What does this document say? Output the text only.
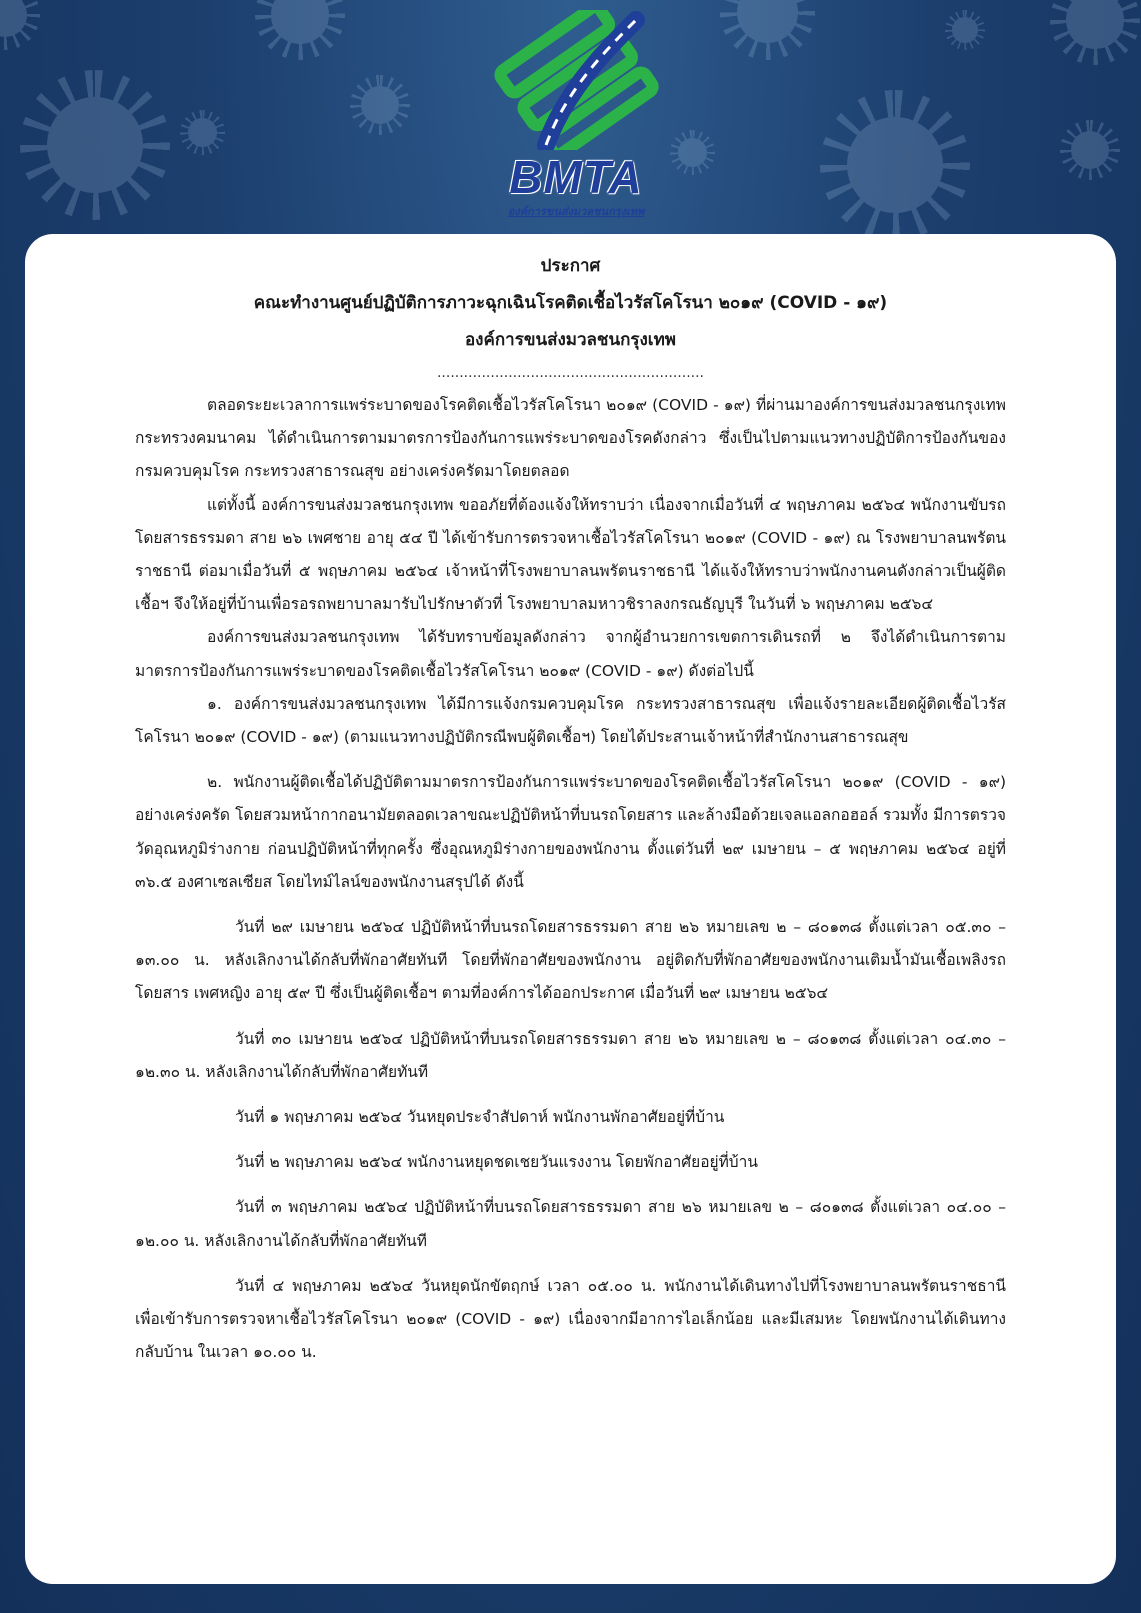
BMTA
องค์การขนส่งมวลชนกรุงเทพ
ประกาศ
คณะทำงานศูนย์ปฏิบัติการภาวะฉุกเฉินโรคติดเชื้อไวรัสโคโรนา ๒๐๑๙ (COVID - ๑๙)
องค์การขนส่งมวลชนกรุงเทพ
............................................................

ตลอดระยะเวลาการแพร่ระบาดของโรคติดเชื้อไวรัสโคโรนา ๒๐๑๙ (COVID - ๑๙) ที่ผ่านมาองค์การขนส่งมวลชนกรุงเทพ กระทรวงคมนาคม ได้ดำเนินการตามมาตรการป้องกันการแพร่ระบาดของโรคดังกล่าว ซึ่งเป็นไปตามแนวทางปฏิบัติการป้องกันของกรมควบคุมโรค กระทรวงสาธารณสุข อย่างเคร่งครัดมาโดยตลอด

แต่ทั้งนี้ องค์การขนส่งมวลชนกรุงเทพ ขออภัยที่ต้องแจ้งให้ทราบว่า เนื่องจากเมื่อวันที่ ๔ พฤษภาคม ๒๕๖๔ พนักงานขับรถโดยสารธรรมดา สาย ๒๖ เพศชาย อายุ ๕๔ ปี ได้เข้ารับการตรวจหาเชื้อไวรัสโคโรนา ๒๐๑๙ (COVID - ๑๙) ณ โรงพยาบาลนพรัตนราชธานี ต่อมาเมื่อวันที่ ๕ พฤษภาคม ๒๕๖๔ เจ้าหน้าที่โรงพยาบาลนพรัตนราชธานี ได้แจ้งให้ทราบว่าพนักงานคนดังกล่าวเป็นผู้ติดเชื้อฯ จึงให้อยู่ที่บ้านเพื่อรอรถพยาบาลมารับไปรักษาตัวที่ โรงพยาบาลมหาวชิราลงกรณธัญบุรี ในวันที่ ๖ พฤษภาคม ๒๕๖๔

องค์การขนส่งมวลชนกรุงเทพ ได้รับทราบข้อมูลดังกล่าว จากผู้อำนวยการเขตการเดินรถที่ ๒ จึงได้ดำเนินการตามมาตรการป้องกันการแพร่ระบาดของโรคติดเชื้อไวรัสโคโรนา ๒๐๑๙ (COVID - ๑๙) ดังต่อไปนี้

๑. องค์การขนส่งมวลชนกรุงเทพ ได้มีการแจ้งกรมควบคุมโรค กระทรวงสาธารณสุข เพื่อแจ้งรายละเอียดผู้ติดเชื้อไวรัสโคโรนา ๒๐๑๙ (COVID - ๑๙) (ตามแนวทางปฏิบัติกรณีพบผู้ติดเชื้อฯ) โดยได้ประสานเจ้าหน้าที่สำนักงานสาธารณสุข

๒. พนักงานผู้ติดเชื้อได้ปฏิบัติตามมาตรการป้องกันการแพร่ระบาดของโรคติดเชื้อไวรัสโคโรนา ๒๐๑๙ (COVID - ๑๙) อย่างเคร่งครัด โดยสวมหน้ากากอนามัยตลอดเวลาขณะปฏิบัติหน้าที่บนรถโดยสาร และล้างมือด้วยเจลแอลกอฮอล์ รวมทั้ง มีการตรวจวัดอุณหภูมิร่างกาย ก่อนปฏิบัติหน้าที่ทุกครั้ง ซึ่งอุณหภูมิร่างกายของพนักงาน ตั้งแต่วันที่ ๒๙ เมษายน – ๕ พฤษภาคม ๒๕๖๔ อยู่ที่ ๓๖.๕ องศาเซลเซียส โดยไทม์ไลน์ของพนักงานสรุปได้ ดังนี้

วันที่ ๒๙ เมษายน ๒๕๖๔ ปฏิบัติหน้าที่บนรถโดยสารธรรมดา สาย ๒๖ หมายเลข ๒ – ๘๐๑๓๘ ตั้งแต่เวลา ๐๕.๓๐ – ๑๓.๐๐ น. หลังเลิกงานได้กลับที่พักอาศัยทันที โดยที่พักอาศัยของพนักงาน อยู่ติดกับที่พักอาศัยของพนักงานเติมน้ำมันเชื้อเพลิงรถโดยสาร เพศหญิง อายุ ๕๙ ปี ซึ่งเป็นผู้ติดเชื้อฯ ตามที่องค์การได้ออกประกาศ เมื่อวันที่ ๒๙ เมษายน ๒๕๖๔

วันที่ ๓๐ เมษายน ๒๕๖๔ ปฏิบัติหน้าที่บนรถโดยสารธรรมดา สาย ๒๖ หมายเลข ๒ – ๘๐๑๓๘ ตั้งแต่เวลา ๐๔.๓๐ – ๑๒.๓๐ น. หลังเลิกงานได้กลับที่พักอาศัยทันที

วันที่ ๑ พฤษภาคม ๒๕๖๔ วันหยุดประจำสัปดาห์ พนักงานพักอาศัยอยู่ที่บ้าน

วันที่ ๒ พฤษภาคม ๒๕๖๔ พนักงานหยุดชดเชยวันแรงงาน โดยพักอาศัยอยู่ที่บ้าน

วันที่ ๓ พฤษภาคม ๒๕๖๔ ปฏิบัติหน้าที่บนรถโดยสารธรรมดา สาย ๒๖ หมายเลข ๒ – ๘๐๑๓๘ ตั้งแต่เวลา ๐๔.๐๐ – ๑๒.๐๐ น. หลังเลิกงานได้กลับที่พักอาศัยทันที

วันที่ ๔ พฤษภาคม ๒๕๖๔ วันหยุดนักขัตฤกษ์ เวลา ๐๕.๐๐ น. พนักงานได้เดินทางไปที่โรงพยาบาลนพรัตนราชธานี เพื่อเข้ารับการตรวจหาเชื้อไวรัสโคโรนา ๒๐๑๙ (COVID - ๑๙) เนื่องจากมีอาการไอเล็กน้อย และมีเสมหะ โดยพนักงานได้เดินทางกลับบ้าน ในเวลา ๑๐.๐๐ น.
